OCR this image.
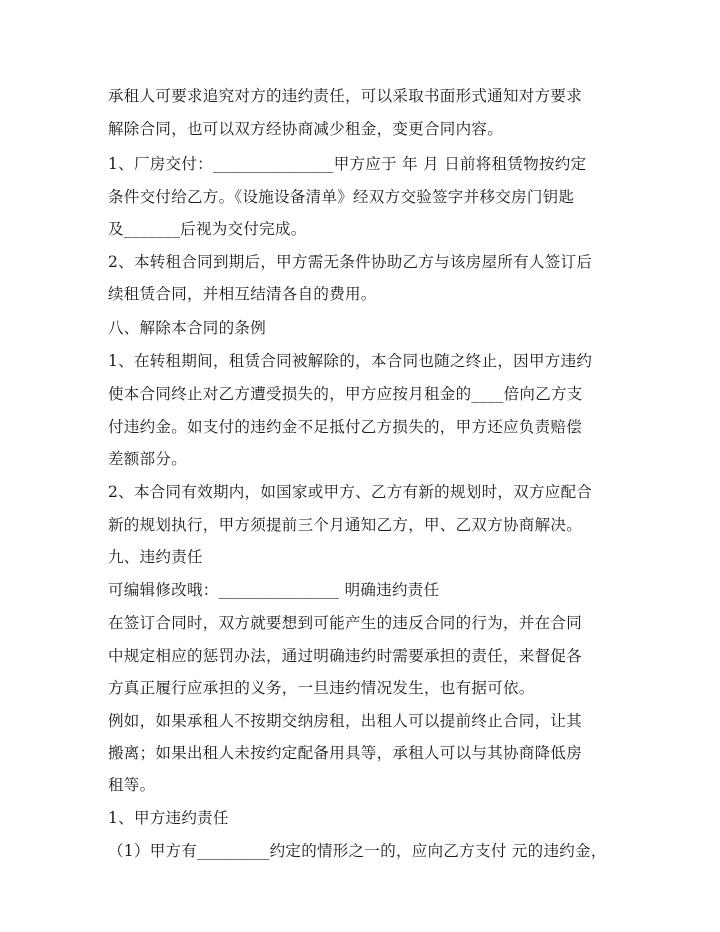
承租人可要求追究对方的违约责任，可以采取书面形式通知对方要求
解除合同，也可以双方经协商减少租金，变更合同内容。
1、厂房交付：_______________甲方应于 年 月 日前将租赁物按约定
条件交付给乙方。《设施设备清单》经双方交验签字并移交房门钥匙
及_______后视为交付完成。
2、本转租合同到期后，甲方需无条件协助乙方与该房屋所有人签订后
续租赁合同，并相互结清各自的费用。
八、解除本合同的条例
1、在转租期间，租赁合同被解除的，本合同也随之终止，因甲方违约
使本合同终止对乙方遭受损失的，甲方应按月租金的____倍向乙方支
付违约金。如支付的违约金不足抵付乙方损失的，甲方还应负责赔偿
差额部分。
2、本合同有效期内，如国家或甲方、乙方有新的规划时，双方应配合
新的规划执行，甲方须提前三个月通知乙方，甲、乙双方协商解决。
九、违约责任
可编辑修改哦：_______________ 明确违约责任
在签订合同时，双方就要想到可能产生的违反合同的行为，并在合同
中规定相应的惩罚办法，通过明确违约时需要承担的责任，来督促各
方真正履行应承担的义务，一旦违约情况发生，也有据可依。
例如，如果承租人不按期交纳房租，出租人可以提前终止合同，让其
搬离；如果出租人未按约定配备用具等，承租人可以与其协商降低房
租等。
1、甲方违约责任
（1）甲方有_________约定的情形之一的，应向乙方支付 元的违约金，
